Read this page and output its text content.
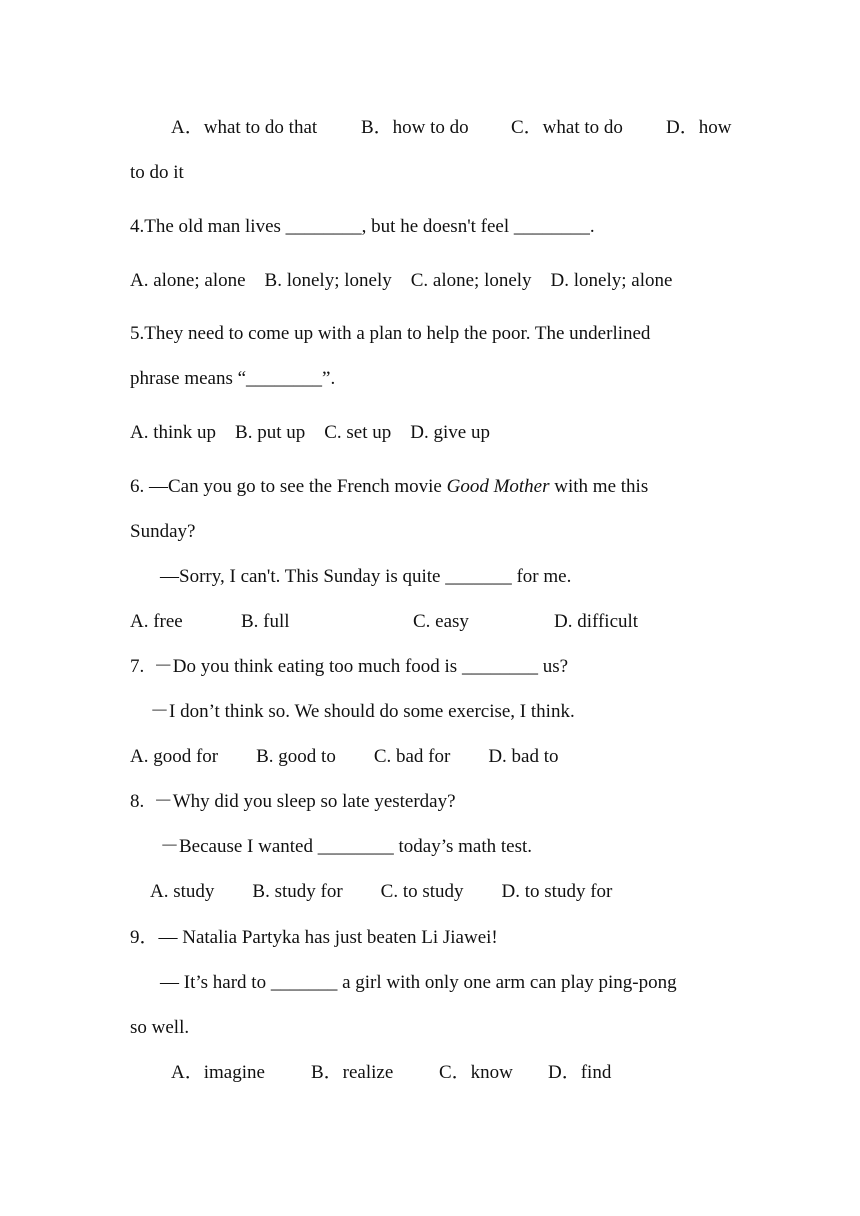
A．what to do that B．how to do C．what to do D．how

to do it

4.The old man lives ________, but he doesn't feel ________.

A. alone; alone    B. lonely; lonely    C. alone; lonely    D. lonely; alone

5.They need to come up with a plan to help the poor. The underlined

phrase means “________”.

A. think up    B. put up    C. set up    D. give up

6. —Can you go to see the French movie Good Mother with me this

Sunday?

—Sorry, I can't. This Sunday is quite _______ for me.

A. free	B. full	C. easy	D. difficult

7.  －Do you think eating too much food is ________ us?

－I don’t think so. We should do some exercise, I think.

A. good for        B. good to        C. bad for        D. bad to

8.  －Why did you sleep so late yesterday?

－Because I wanted ________ today’s math test.

A. study        B. study for        C. to study        D. to study for

9．— Natalia Partyka has just beaten Li Jiawei!

— It’s hard to _______ a girl with only one arm can play ping-pong

so well.

A．imagine B．realize C．know D．find
